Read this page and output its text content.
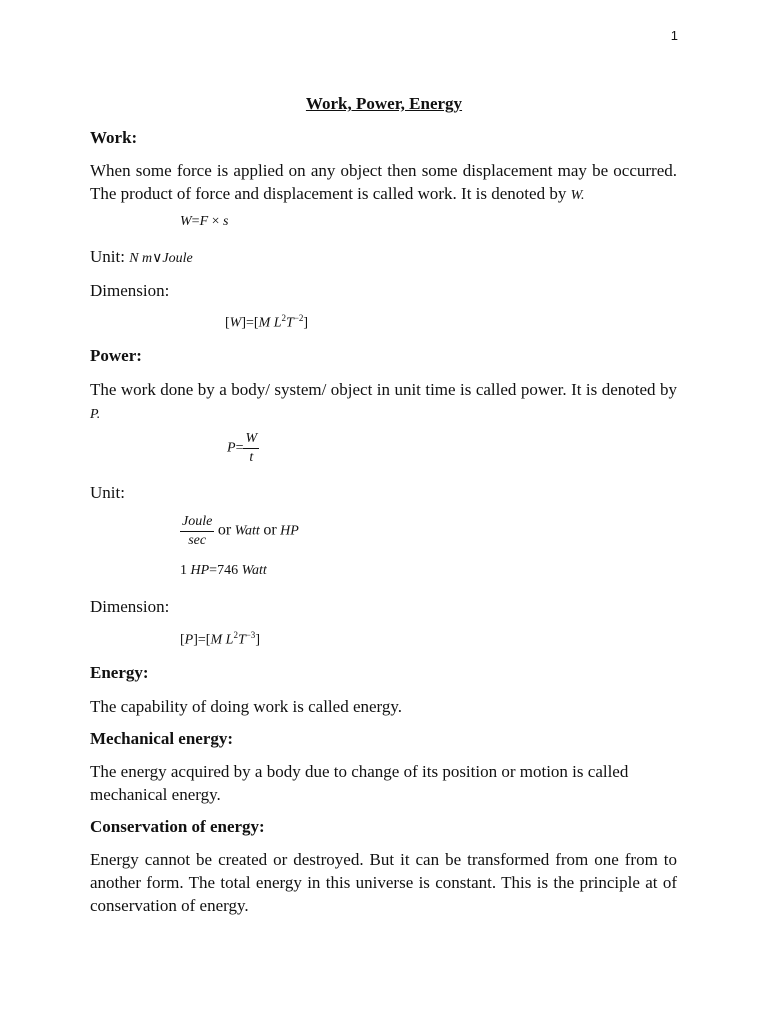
1
Work, Power, Energy
Work:
When some force is applied on any object then some displacement may be occurred. The product of force and displacement is called work. It is denoted by W.
W=F × s
Unit: N m∨Joule
Dimension:
[W]=[M $L^2T^{-2}$]
Power:
The work done by a body/ system/ object in unit time is called power. It is denoted by P.
$P= \frac{W}{t}$
Unit:
$\frac{\text{Joule}}{\sec}$ or Watt or HP
1 HP=746 Watt
Dimension:
[P]=[M $L^2T^{-3}$]
Energy:
The capability of doing work is called energy.
Mechanical energy:
The energy acquired by a body due to change of its position or motion is called mechanical energy.
Conservation of energy:
Energy cannot be created or destroyed. But it can be transformed from one from to another form. The total energy in this universe is constant. This is the principle at of conservation of energy.
